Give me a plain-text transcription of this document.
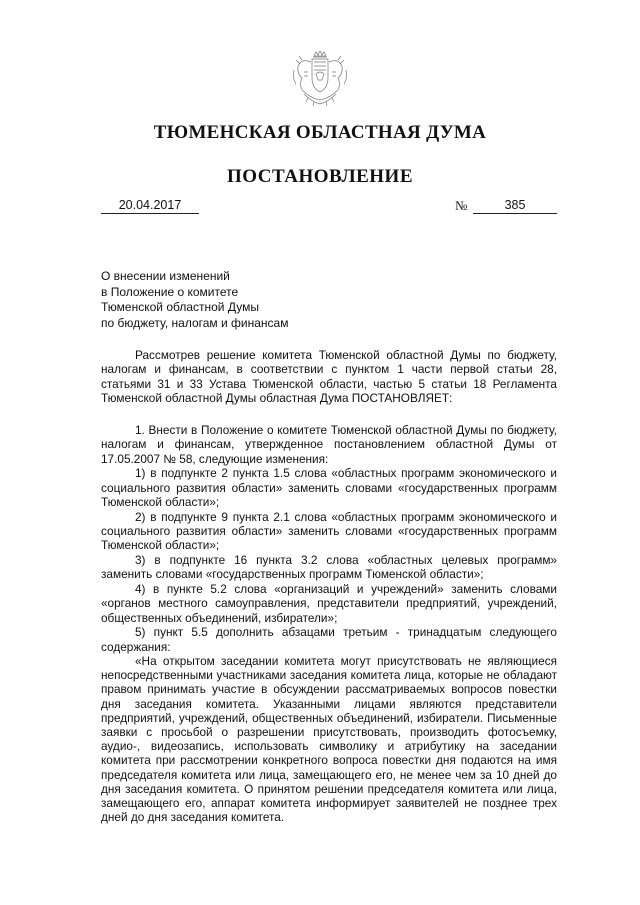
ТЮМЕНСКАЯ ОБЛАСТНАЯ ДУМА
ПОСТАНОВЛЕНИЕ
20.04.2017	№	385
О внесении изменений
в Положение о комитете
Тюменской областной Думы
по бюджету, налогам и финансам

Рассмотрев решение комитета Тюменской областной Думы по бюджету, налогам и финансам, в соответствии с пунктом 1 части первой статьи 28, статьями 31 и 33 Устава Тюменской области, частью 5 статьи 18 Регламента Тюменской областной Думы областная Дума ПОСТАНОВЛЯЕТ:

1. Внести в Положение о комитете Тюменской областной Думы по бюджету, налогам и финансам, утвержденное постановлением областной Думы от 17.05.2007 № 58, следующие изменения:

1) в подпункте 2 пункта 1.5 слова «областных программ экономического и социального развития области» заменить словами «государственных программ Тюменской области»;

2) в подпункте 9 пункта 2.1 слова «областных программ экономического и социального развития области» заменить словами «государственных программ Тюменской области»;

3) в подпункте 16 пункта 3.2 слова «областных целевых программ» заменить словами «государственных программ Тюменской области»;

4) в пункте 5.2 слова «организаций и учреждений» заменить словами «органов местного самоуправления, представители предприятий, учреждений, общественных объединений, избиратели»;

5) пункт 5.5 дополнить абзацами третьим - тринадцатым следующего содержания:

«На открытом заседании комитета могут присутствовать не являющиеся непосредственными участниками заседания комитета лица, которые не обладают правом принимать участие в обсуждении рассматриваемых вопросов повестки дня заседания комитета. Указанными лицами являются представители предприятий, учреждений, общественных объединений, избиратели. Письменные заявки с просьбой о разрешении присутствовать, производить фотосъемку, аудио-, видеозапись, использовать символику и атрибутику на заседании комитета при рассмотрении конкретного вопроса повестки дня подаются на имя председателя комитета или лица, замещающего его, не менее чем за 10 дней до дня заседания комитета. О принятом решении председателя комитета или лица, замещающего его, аппарат комитета информирует заявителей не позднее трех дней до дня заседания комитета.
